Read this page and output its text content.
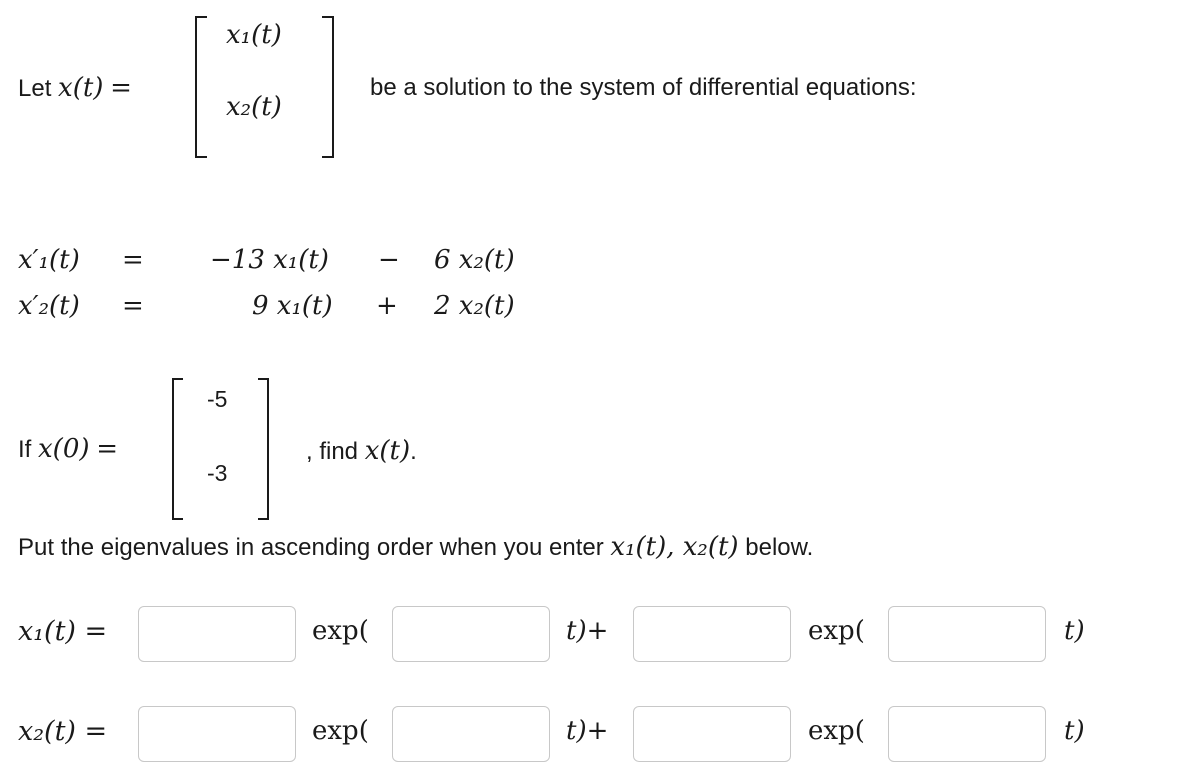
Let x(t) =
x₁(t)
x₂(t)
be a solution to the system of differential equations:
x′₁(t) =	−13 x₁(t) − 6 x₂(t)
x′₂(t) =	9 x₁(t) + 2 x₂(t)
If x(0) =
-5
-3
, find x(t).
Put the eigenvalues in ascending order when you enter x₁(t), x₂(t) below.
x₁(t) =	exp(	t)+	exp(	t)
x₂(t) =	exp(	t)+	exp(	t)
